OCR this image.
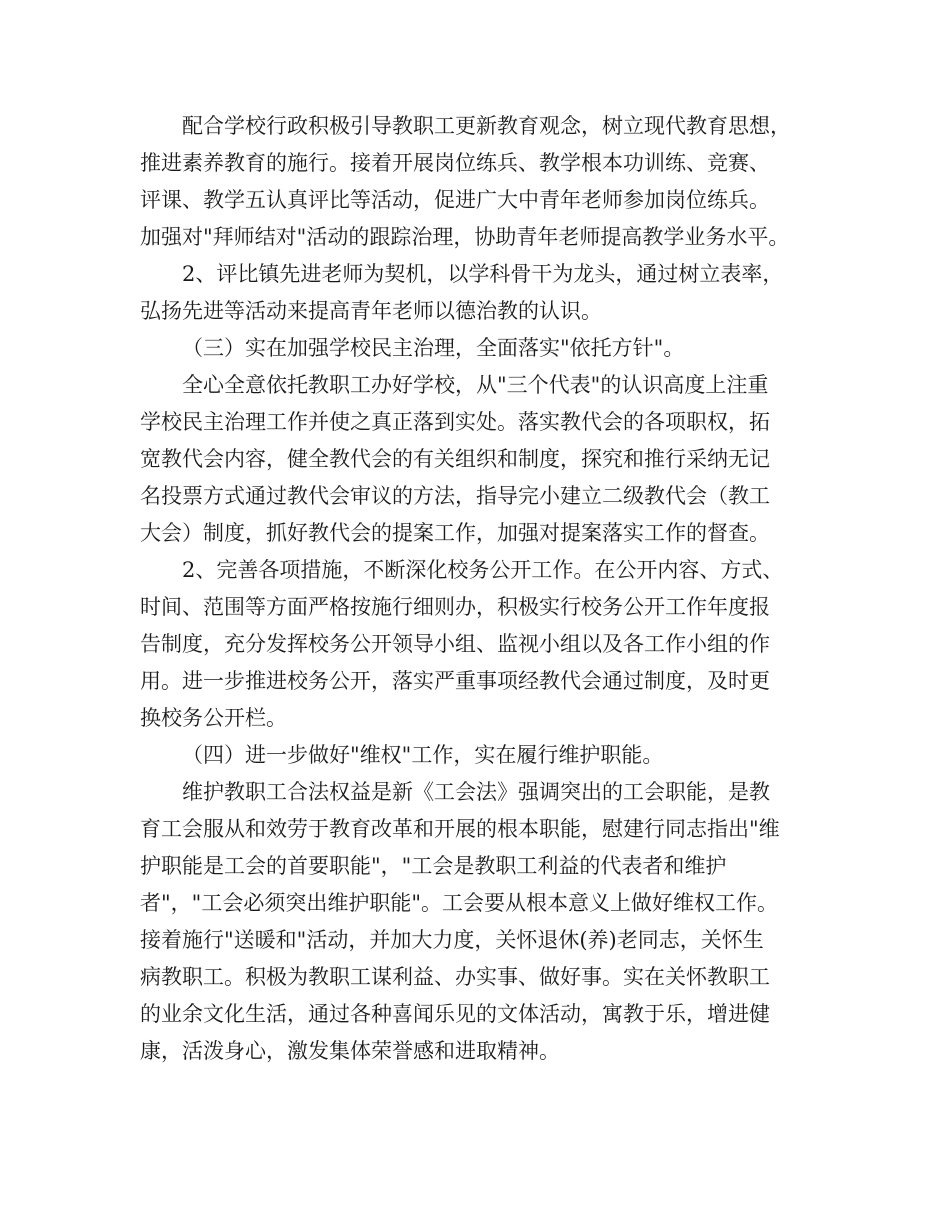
配合学校行政积极引导教职工更新教育观念，树立现代教育思想，
推进素养教育的施行。接着开展岗位练兵、教学根本功训练、竞赛、
评课、教学五认真评比等活动，促进广大中青年老师参加岗位练兵。
加强对"拜师结对"活动的跟踪治理，协助青年老师提高教学业务水平。
2、评比镇先进老师为契机，以学科骨干为龙头，通过树立表率，
弘扬先进等活动来提高青年老师以德治教的认识。
（三）实在加强学校民主治理，全面落实"依托方针"。
全心全意依托教职工办好学校，从"三个代表"的认识高度上注重
学校民主治理工作并使之真正落到实处。落实教代会的各项职权，拓
宽教代会内容，健全教代会的有关组织和制度，探究和推行采纳无记
名投票方式通过教代会审议的方法，指导完小建立二级教代会（教工
大会）制度，抓好教代会的提案工作，加强对提案落实工作的督查。
2、完善各项措施，不断深化校务公开工作。在公开内容、方式、
时间、范围等方面严格按施行细则办，积极实行校务公开工作年度报
告制度，充分发挥校务公开领导小组、监视小组以及各工作小组的作
用。进一步推进校务公开，落实严重事项经教代会通过制度，及时更
换校务公开栏。
（四）进一步做好"维权"工作，实在履行维护职能。
维护教职工合法权益是新《工会法》强调突出的工会职能，是教
育工会服从和效劳于教育改革和开展的根本职能，慰建行同志指出"维
护职能是工会的首要职能"，"工会是教职工利益的代表者和维护
者"，"工会必须突出维护职能"。工会要从根本意义上做好维权工作。
接着施行"送暖和"活动，并加大力度，关怀退休(养)老同志，关怀生
病教职工。积极为教职工谋利益、办实事、做好事。实在关怀教职工
的业余文化生活，通过各种喜闻乐见的文体活动，寓教于乐，增进健
康，活泼身心，激发集体荣誉感和进取精神。
